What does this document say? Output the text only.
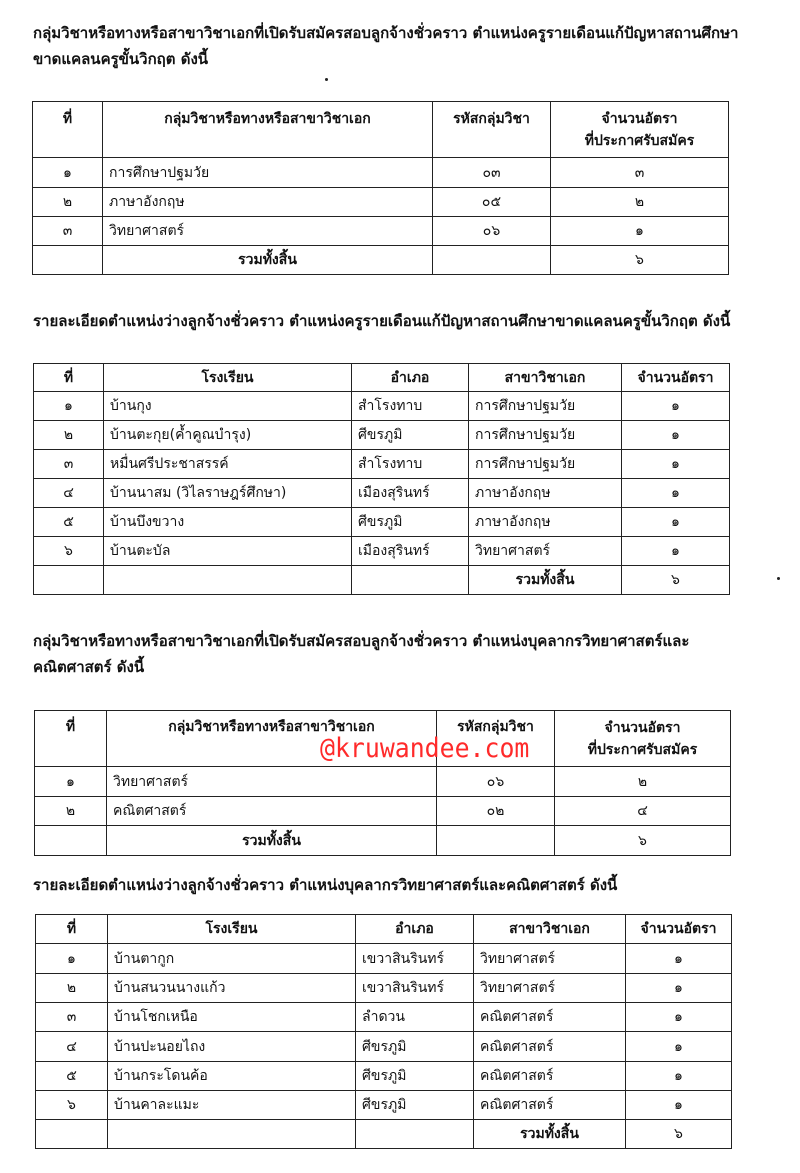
กลุ่มวิชาหรือทางหรือสาขาวิชาเอกที่เปิดรับสมัครสอบลูกจ้างชั่วคราว ตำแหน่งครูรายเดือนแก้ปัญหาสถานศึกษา
ขาดแคลนครูขั้นวิกฤต ดังนี้
ที่	กลุ่มวิชาหรือทางหรือสาขาวิชาเอก	รหัสกลุ่มวิชา	จำนวนอัตรา
ที่ประกาศรับสมัคร

๑	การศึกษาปฐมวัย	๐๓	๓
๒	ภาษาอังกฤษ	๐๕	๒
๓	วิทยาศาสตร์	๐๖	๑
	รวมทั้งสิ้น		๖
รายละเอียดตำแหน่งว่างลูกจ้างชั่วคราว ตำแหน่งครูรายเดือนแก้ปัญหาสถานศึกษาขาดแคลนครูขั้นวิกฤต ดังนี้
ที่	โรงเรียน	อำเภอ	สาขาวิชาเอก	จำนวนอัตรา
๑	บ้านกุง	สำโรงทาบ	การศึกษาปฐมวัย	๑
๒	บ้านตะกุย(ค้ำคูณบำรุง)	ศีขรภูมิ	การศึกษาปฐมวัย	๑
๓	หมื่นศรีประชาสรรค์	สำโรงทาบ	การศึกษาปฐมวัย	๑
๔	บ้านนาสม (วิไลราษฎร์ศึกษา)	เมืองสุรินทร์	ภาษาอังกฤษ	๑
๕	บ้านบึงขวาง	ศีขรภูมิ	ภาษาอังกฤษ	๑
๖	บ้านตะบัล	เมืองสุรินทร์	วิทยาศาสตร์	๑
			รวมทั้งสิ้น	๖
กลุ่มวิชาหรือทางหรือสาขาวิชาเอกที่เปิดรับสมัครสอบลูกจ้างชั่วคราว ตำแหน่งบุคลากรวิทยาศาสตร์และ
คณิตศาสตร์ ดังนี้
ที่	กลุ่มวิชาหรือทางหรือสาขาวิชาเอก	รหัสกลุ่มวิชา	จำนวนอัตรา
ที่ประกาศรับสมัคร

๑	วิทยาศาสตร์	๐๖	๒
๒	คณิตศาสตร์	๐๒	๔
	รวมทั้งสิ้น		๖
@kruwandee.com
รายละเอียดตำแหน่งว่างลูกจ้างชั่วคราว ตำแหน่งบุคลากรวิทยาศาสตร์และคณิตศาสตร์ ดังนี้
ที่	โรงเรียน	อำเภอ	สาขาวิชาเอก	จำนวนอัตรา
๑	บ้านตากูก	เขวาสินรินทร์	วิทยาศาสตร์	๑
๒	บ้านสนวนนางแก้ว	เขวาสินรินทร์	วิทยาศาสตร์	๑
๓	บ้านโชกเหนือ	ลำดวน	คณิตศาสตร์	๑
๔	บ้านปะนอยไถง	ศีขรภูมิ	คณิตศาสตร์	๑
๕	บ้านกระโดนค้อ	ศีขรภูมิ	คณิตศาสตร์	๑
๖	บ้านคาละแมะ	ศีขรภูมิ	คณิตศาสตร์	๑
			รวมทั้งสิ้น	๖
